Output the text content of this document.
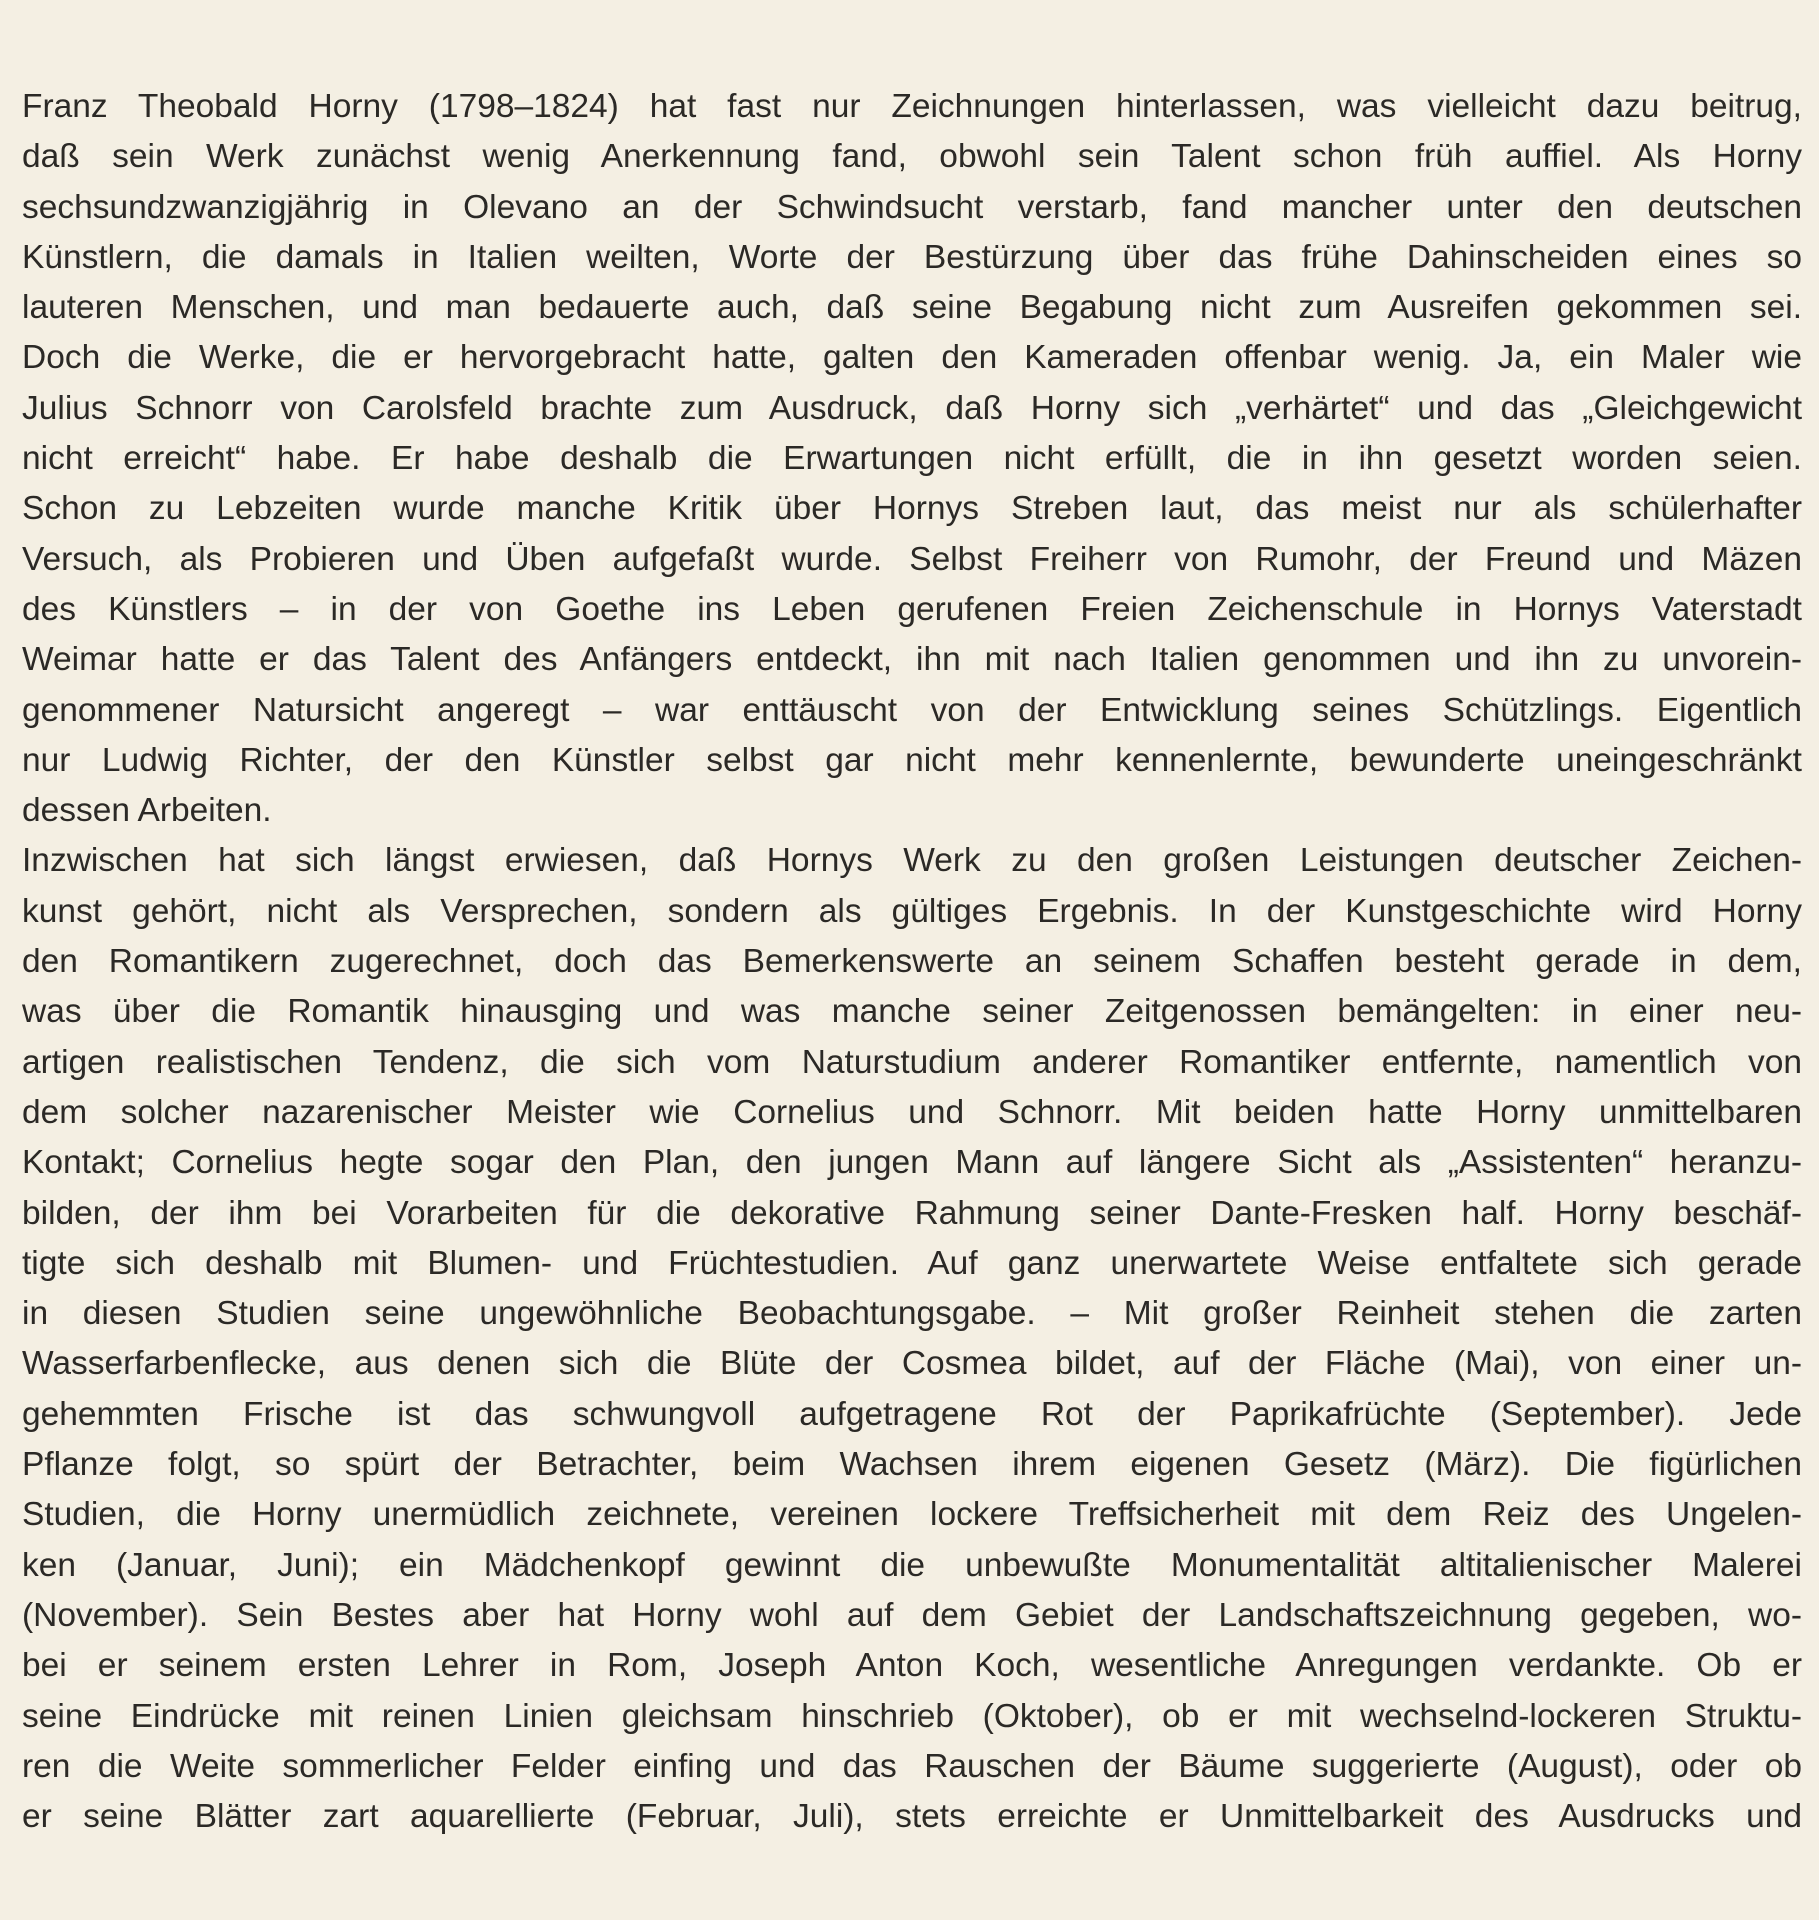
Franz Theobald Horny (1798–1824) hat fast nur Zeichnungen hinterlassen, was vielleicht dazu beitrug,
daß sein Werk zunächst wenig Anerkennung fand, obwohl sein Talent schon früh auffiel. Als Horny
sechsundzwanzigjährig in Olevano an der Schwindsucht verstarb, fand mancher unter den deutschen
Künstlern, die damals in Italien weilten, Worte der Bestürzung über das frühe Dahinscheiden eines so
lauteren Menschen, und man bedauerte auch, daß seine Begabung nicht zum Ausreifen gekommen sei.
Doch die Werke, die er hervorgebracht hatte, galten den Kameraden offenbar wenig. Ja, ein Maler wie
Julius Schnorr von Carolsfeld brachte zum Ausdruck, daß Horny sich „verhärtet“ und das „Gleichgewicht
nicht erreicht“ habe. Er habe deshalb die Erwartungen nicht erfüllt, die in ihn gesetzt worden seien.
Schon zu Lebzeiten wurde manche Kritik über Hornys Streben laut, das meist nur als schülerhafter
Versuch, als Probieren und Üben aufgefaßt wurde. Selbst Freiherr von Rumohr, der Freund und Mäzen
des Künstlers – in der von Goethe ins Leben gerufenen Freien Zeichenschule in Hornys Vaterstadt
Weimar hatte er das Talent des Anfängers entdeckt, ihn mit nach Italien genommen und ihn zu unvorein-
genommener Natursicht angeregt – war enttäuscht von der Entwicklung seines Schützlings. Eigentlich
nur Ludwig Richter, der den Künstler selbst gar nicht mehr kennenlernte, bewunderte uneingeschränkt
dessen Arbeiten.
Inzwischen hat sich längst erwiesen, daß Hornys Werk zu den großen Leistungen deutscher Zeichen-
kunst gehört, nicht als Versprechen, sondern als gültiges Ergebnis. In der Kunstgeschichte wird Horny
den Romantikern zugerechnet, doch das Bemerkenswerte an seinem Schaffen besteht gerade in dem,
was über die Romantik hinausging und was manche seiner Zeitgenossen bemängelten: in einer neu-
artigen realistischen Tendenz, die sich vom Naturstudium anderer Romantiker entfernte, namentlich von
dem solcher nazarenischer Meister wie Cornelius und Schnorr. Mit beiden hatte Horny unmittelbaren
Kontakt; Cornelius hegte sogar den Plan, den jungen Mann auf längere Sicht als „Assistenten“ heranzu-
bilden, der ihm bei Vorarbeiten für die dekorative Rahmung seiner Dante-Fresken half. Horny beschäf-
tigte sich deshalb mit Blumen- und Früchtestudien. Auf ganz unerwartete Weise entfaltete sich gerade
in diesen Studien seine ungewöhnliche Beobachtungsgabe. – Mit großer Reinheit stehen die zarten
Wasserfarbenflecke, aus denen sich die Blüte der Cosmea bildet, auf der Fläche (Mai), von einer un-
gehemmten Frische ist das schwungvoll aufgetragene Rot der Paprikafrüchte (September). Jede
Pflanze folgt, so spürt der Betrachter, beim Wachsen ihrem eigenen Gesetz (März). Die figürlichen
Studien, die Horny unermüdlich zeichnete, vereinen lockere Treffsicherheit mit dem Reiz des Ungelen-
ken (Januar, Juni); ein Mädchenkopf gewinnt die unbewußte Monumentalität altitalienischer Malerei
(November). Sein Bestes aber hat Horny wohl auf dem Gebiet der Landschaftszeichnung gegeben, wo-
bei er seinem ersten Lehrer in Rom, Joseph Anton Koch, wesentliche Anregungen verdankte. Ob er
seine Eindrücke mit reinen Linien gleichsam hinschrieb (Oktober), ob er mit wechselnd-lockeren Struktu-
ren die Weite sommerlicher Felder einfing und das Rauschen der Bäume suggerierte (August), oder ob
er seine Blätter zart aquarellierte (Februar, Juli), stets erreichte er Unmittelbarkeit des Ausdrucks und
